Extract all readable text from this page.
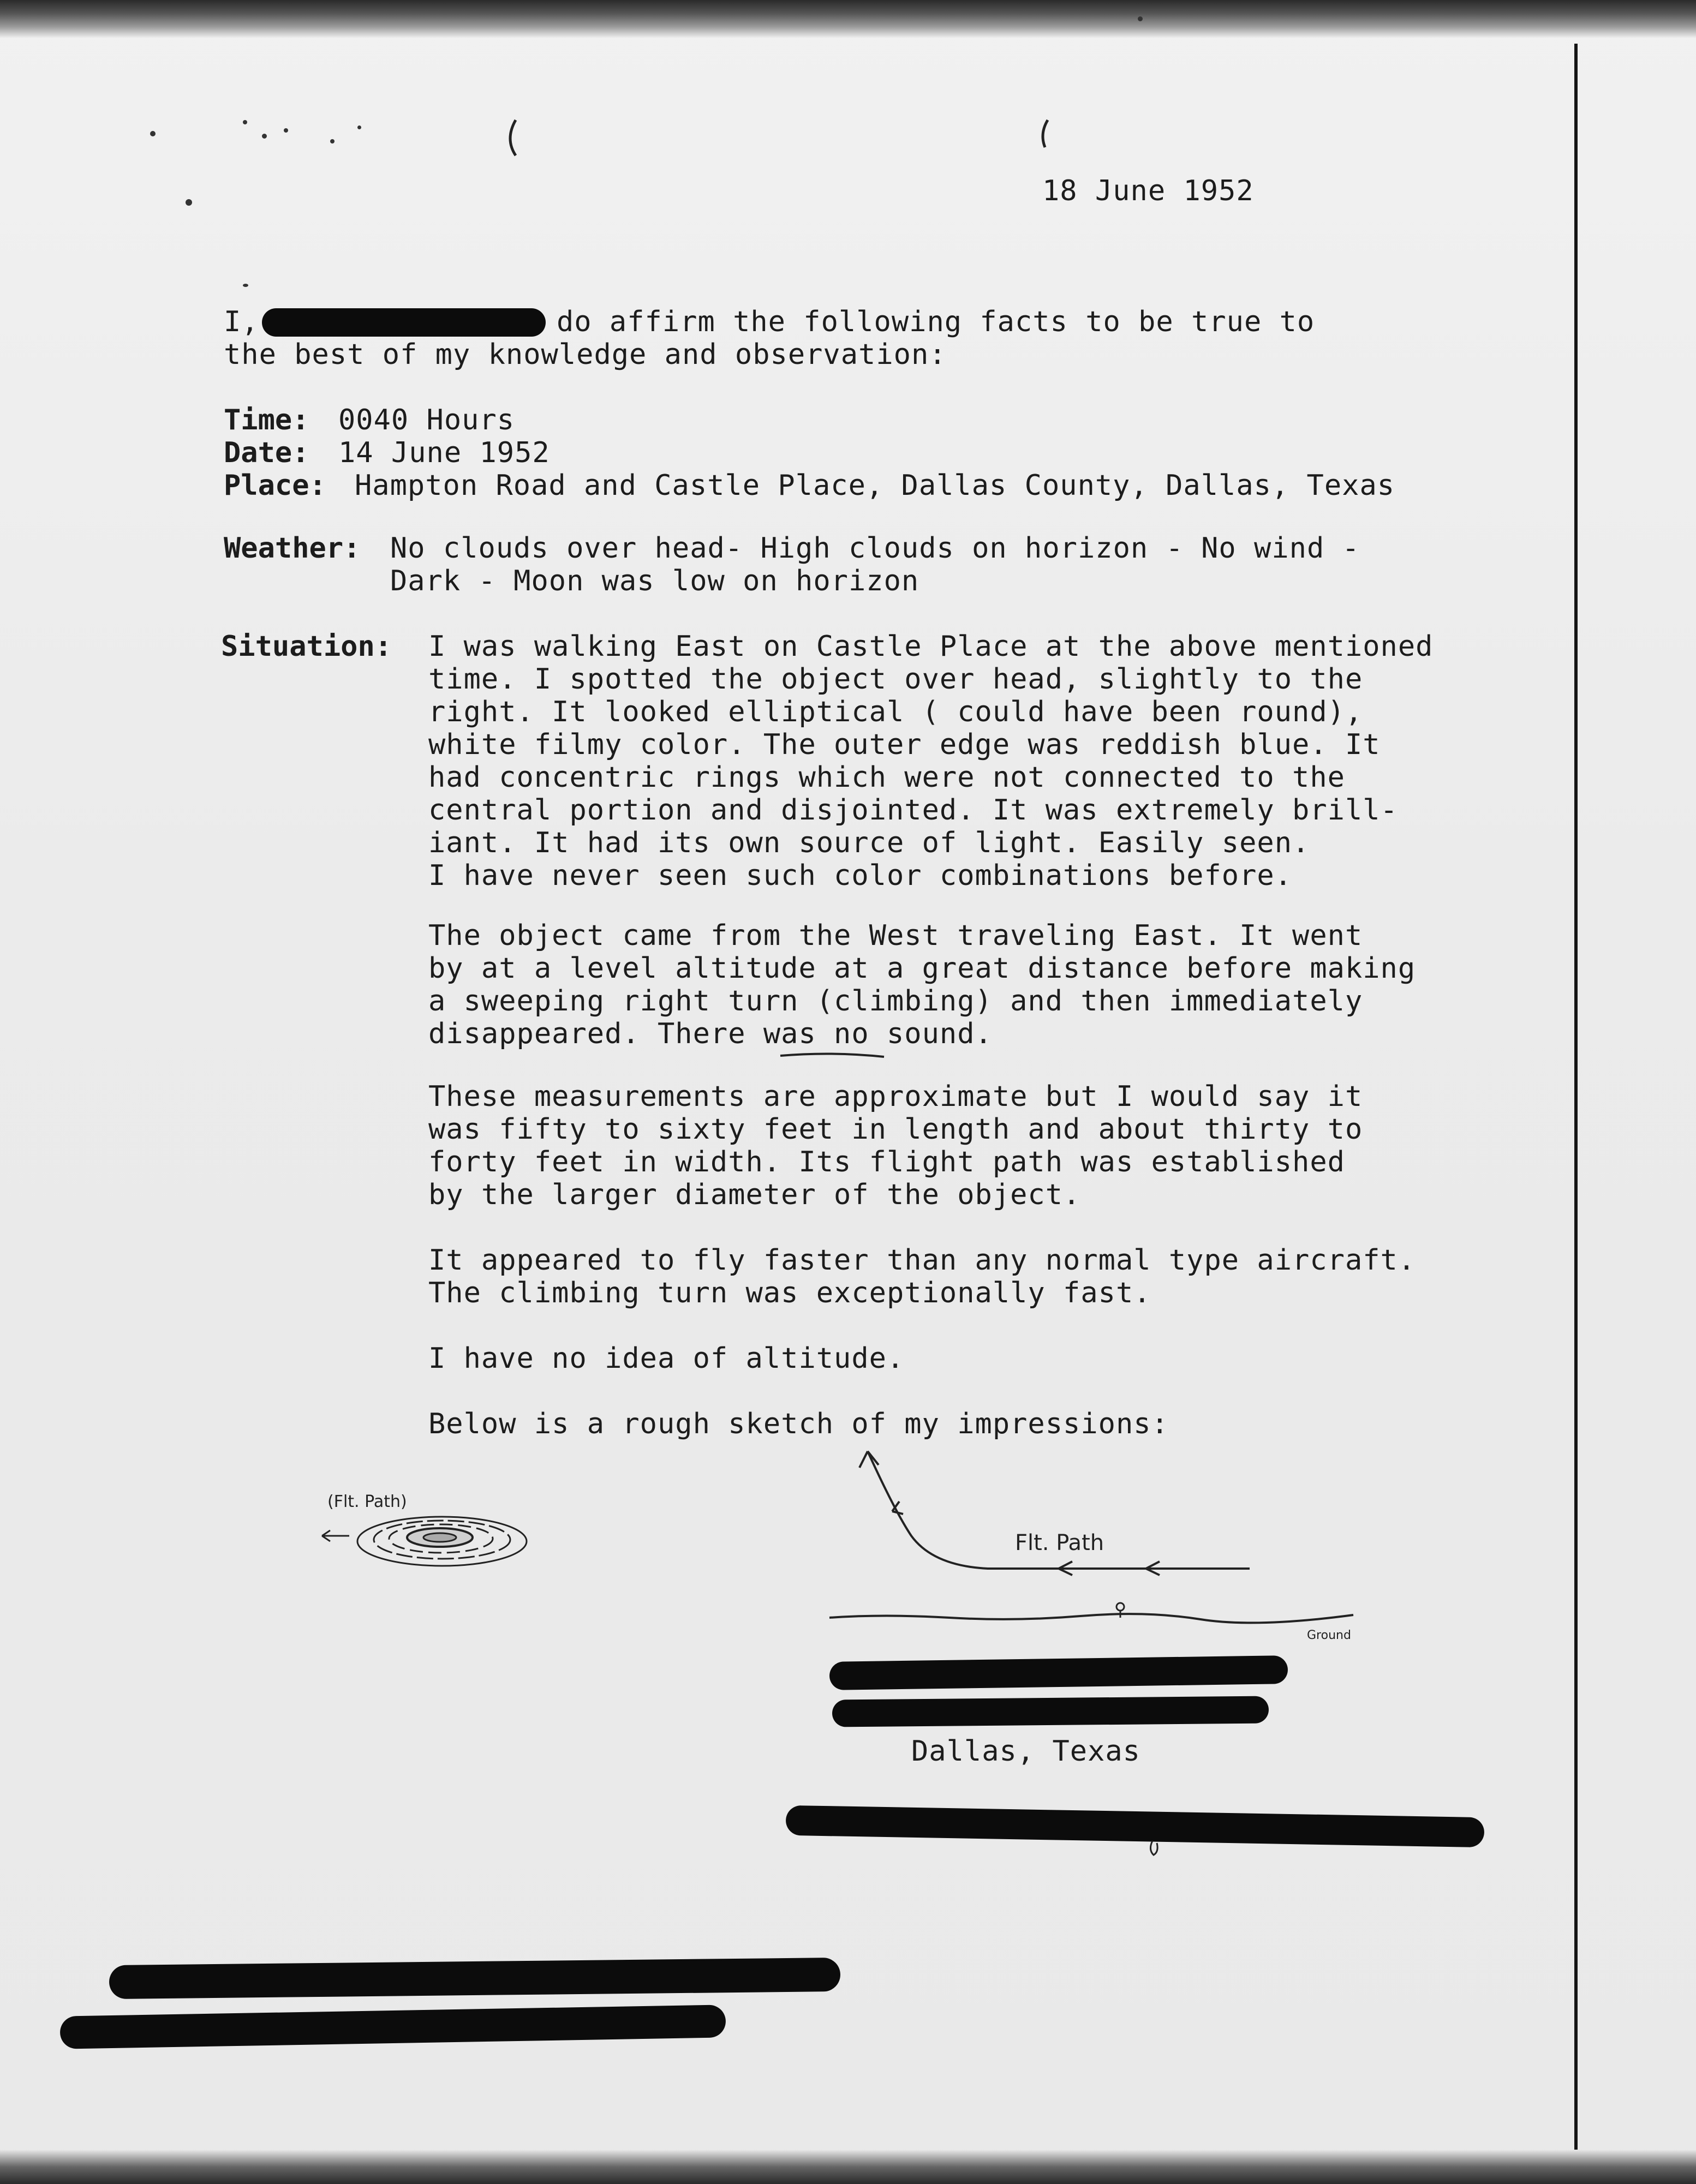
18 June 1952
I,	do affirm the following facts to be true to
the best of my knowledge and observation:
Time: 0040 Hours
Date: 14 June 1952
Place: Hampton Road and Castle Place, Dallas County, Dallas, Texas
Weather: No clouds over head- High clouds on horizon - No wind -
Dark - Moon was low on horizon
Situation: I was walking East on Castle Place at the above mentioned
time. I spotted the object over head, slightly to the
right. It looked elliptical ( could have been round),
white filmy color. The outer edge was reddish blue. It
had concentric rings which were not connected to the
central portion and disjointed. It was extremely brill-
iant. It had its own source of light. Easily seen.
I have never seen such color combinations before.
The object came from the West traveling East. It went
by at a level altitude at a great distance before making
a sweeping right turn (climbing) and then immediately
disappeared. There was no sound.
These measurements are approximate but I would say it
was fifty to sixty feet in length and about thirty to
forty feet in width. Its flight path was established
by the larger diameter of the object.
It appeared to fly faster than any normal type aircraft.
The climbing turn was exceptionally fast.
I have no idea of altitude.
Below is a rough sketch of my impressions:
(Flt. Path)
Flt. Path
Ground
Dallas, Texas
